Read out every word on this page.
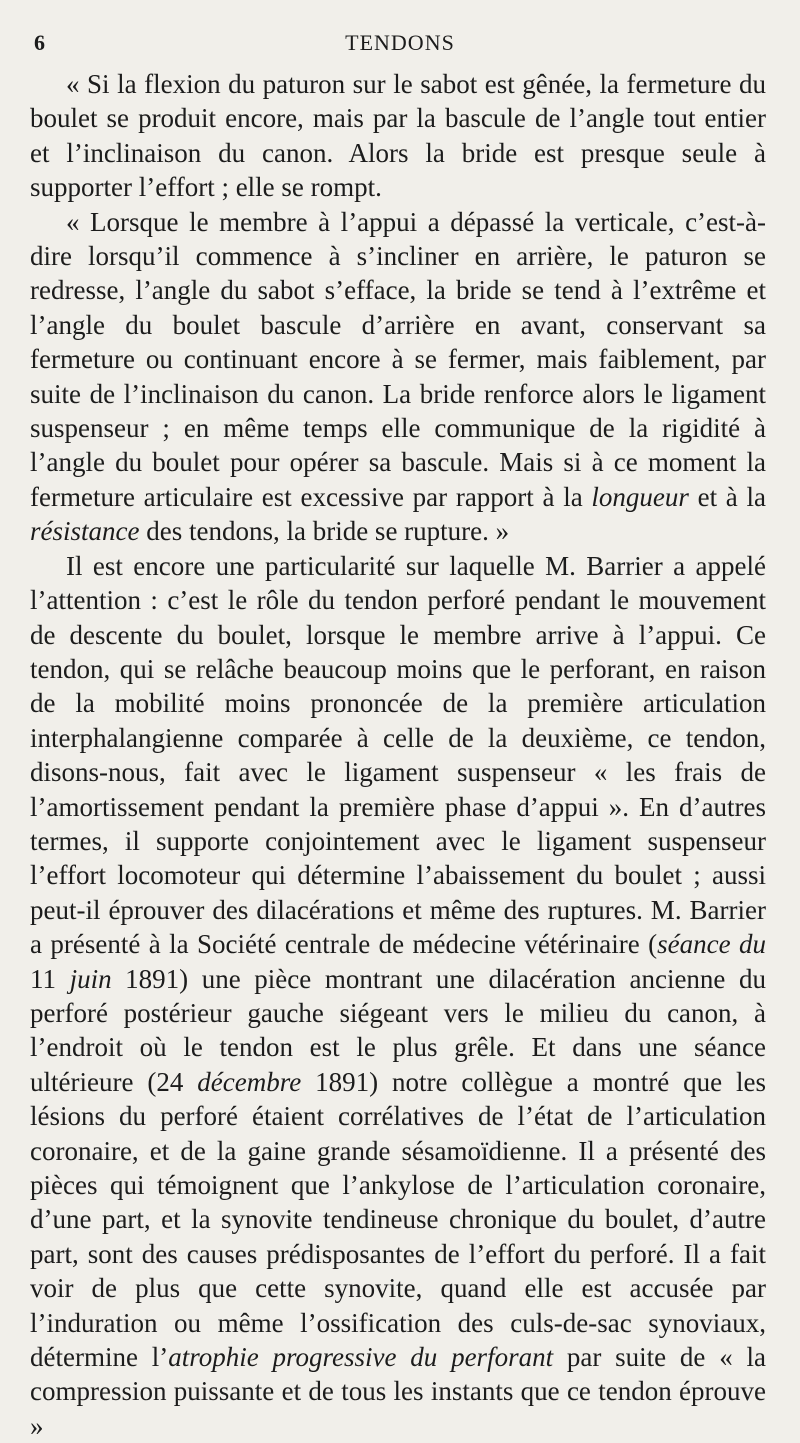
6	TENDONS

« Si la flexion du paturon sur le sabot est gênée, la fermeture du boulet se produit encore, mais par la bascule de l’angle tout entier et l’inclinaison du canon. Alors la bride est presque seule à supporter l’effort ; elle se rompt.

« Lorsque le membre à l’appui a dépassé la verticale, c’est-à-dire lorsqu’il commence à s’incliner en arrière, le paturon se redresse, l’angle du sabot s’efface, la bride se tend à l’extrême et l’angle du boulet bascule d’arrière en avant, conservant sa fermeture ou continuant encore à se fermer, mais faiblement, par suite de l’inclinaison du canon. La bride renforce alors le ligament suspenseur ; en même temps elle communique de la rigidité à l’angle du boulet pour opérer sa bascule. Mais si à ce moment la fermeture articulaire est excessive par rapport à la longueur et à la résistance des tendons, la bride se rupture. »

Il est encore une particularité sur laquelle M. Barrier a appelé l’attention : c’est le rôle du tendon perforé pendant le mouvement de descente du boulet, lorsque le membre arrive à l’appui. Ce tendon, qui se relâche beaucoup moins que le perforant, en raison de la mobilité moins prononcée de la première articulation interphalangienne comparée à celle de la deuxième, ce tendon, disons-nous, fait avec le ligament suspenseur « les frais de l’amortissement pendant la première phase d’appui ». En d’autres termes, il supporte conjointement avec le ligament suspenseur l’effort locomoteur qui détermine l’abaissement du boulet ; aussi peut-il éprouver des dilacérations et même des ruptures. M. Barrier a présenté à la Société centrale de médecine vétérinaire (séance du 11 juin 1891) une pièce montrant une dilacération ancienne du perforé postérieur gauche siégeant vers le milieu du canon, à l’endroit où le tendon est le plus grêle. Et dans une séance ultérieure (24 décembre 1891) notre collègue a montré que les lésions du perforé étaient corrélatives de l’état de l’articulation coronaire, et de la gaine grande sésamoïdienne. Il a présenté des pièces qui témoignent que l’ankylose de l’articulation coronaire, d’une part, et la synovite tendineuse chronique du boulet, d’autre part, sont des causes prédisposantes de l’effort du perforé. Il a fait voir de plus que cette synovite, quand elle est accusée par l’induration ou même l’ossification des culs-de-sac synoviaux, détermine l’atrophie progressive du perforant par suite de « la compression puissante et de tous les instants que ce tendon éprouve »
